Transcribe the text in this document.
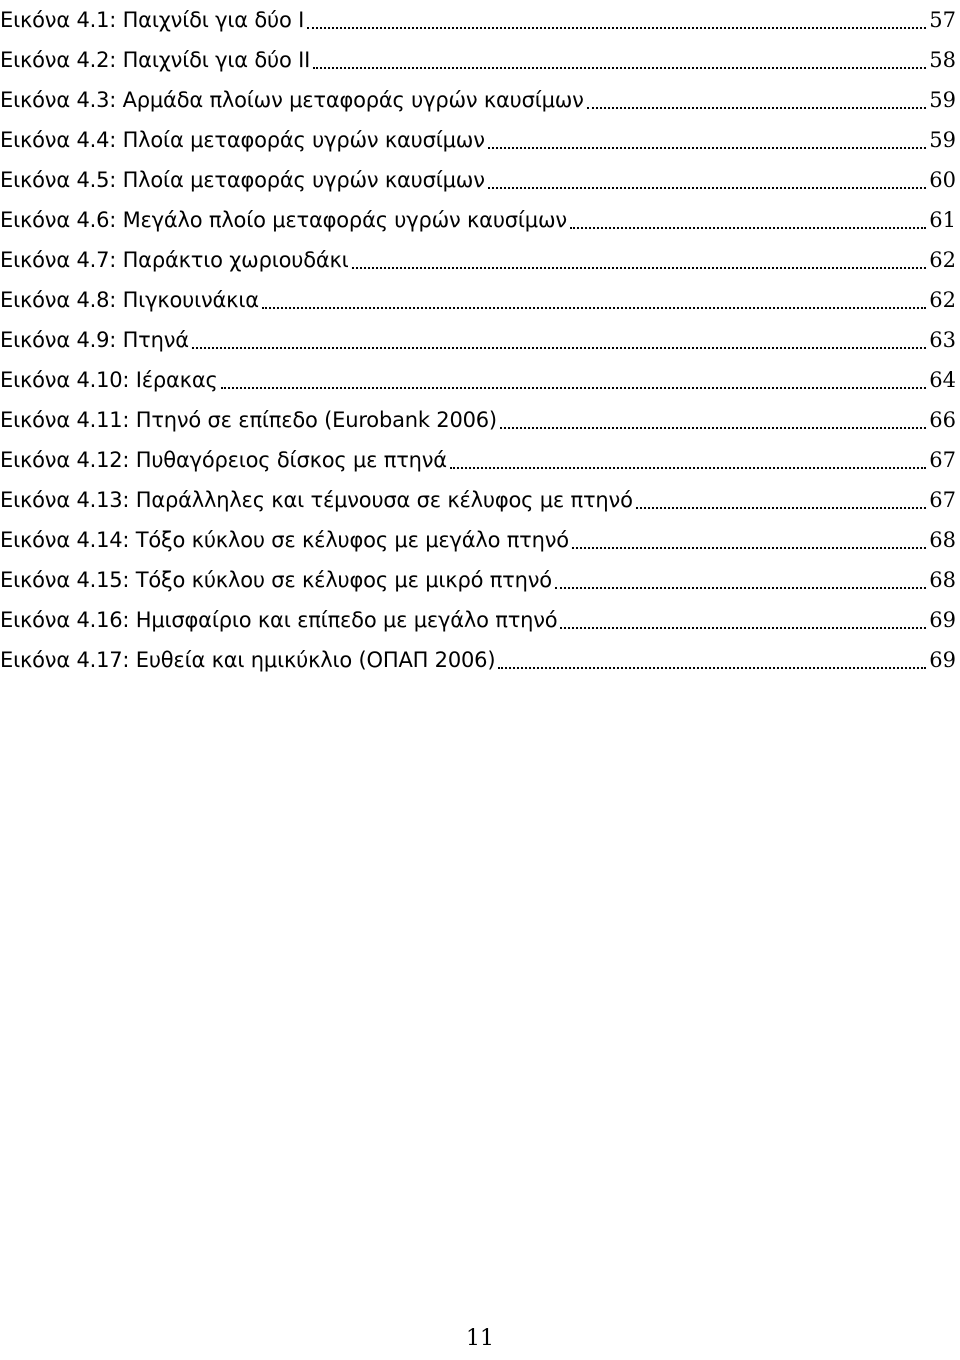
Εικόνα 4.1: Παιχνίδι για δύο Ι	57
Εικόνα 4.2: Παιχνίδι για δύο ΙΙ	58
Εικόνα 4.3: Αρμάδα πλοίων μεταφοράς υγρών καυσίμων	59
Εικόνα 4.4: Πλοία μεταφοράς υγρών καυσίμων	59
Εικόνα 4.5: Πλοία μεταφοράς υγρών καυσίμων	60
Εικόνα 4.6: Μεγάλο πλοίο μεταφοράς υγρών καυσίμων	61
Εικόνα 4.7: Παράκτιο χωριουδάκι	62
Εικόνα 4.8: Πιγκουινάκια	62
Εικόνα 4.9: Πτηνά	63
Εικόνα 4.10: Ιέρακας	64
Εικόνα 4.11: Πτηνό σε επίπεδο (Eurobank 2006)	66
Εικόνα 4.12: Πυθαγόρειος δίσκος με πτηνά	67
Εικόνα 4.13: Παράλληλες και τέμνουσα σε κέλυφος με πτηνό	67
Εικόνα 4.14: Τόξο κύκλου σε κέλυφος με μεγάλο πτηνό	68
Εικόνα 4.15: Τόξο κύκλου σε κέλυφος με μικρό πτηνό	68
Εικόνα 4.16: Ημισφαίριο και επίπεδο με μεγάλο πτηνό	69
Εικόνα 4.17: Ευθεία και ημικύκλιο (ΟΠΑΠ 2006)	69
11
